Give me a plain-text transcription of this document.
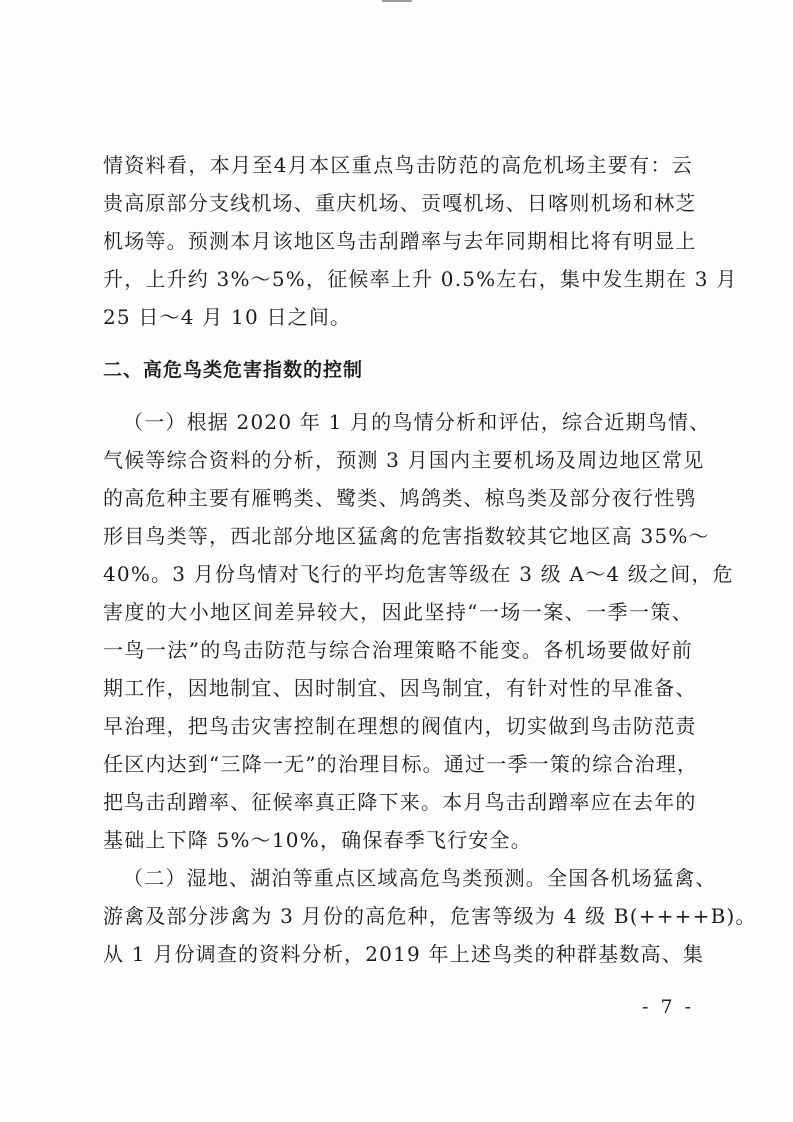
情资料看，本月至4月本区重点鸟击防范的高危机场主要有：云
贵高原部分支线机场、重庆机场、贡嘎机场、日喀则机场和林芝
机场等。预测本月该地区鸟击刮蹭率与去年同期相比将有明显上
升，上升约 3%～5%，征候率上升 0.5%左右，集中发生期在 3 月
25 日～4 月 10 日之间。
二、高危鸟类危害指数的控制
（一）根据 2020 年 1 月的鸟情分析和评估，综合近期鸟情、
气候等综合资料的分析，预测 3 月国内主要机场及周边地区常见
的高危种主要有雁鸭类、鹭类、鸠鸽类、椋鸟类及部分夜行性鸮
形目鸟类等，西北部分地区猛禽的危害指数较其它地区高 35%～
40%。3 月份鸟情对飞行的平均危害等级在 3 级 A～4 级之间，危
害度的大小地区间差异较大，因此坚持“一场一案、一季一策、
一鸟一法”的鸟击防范与综合治理策略不能变。各机场要做好前
期工作，因地制宜、因时制宜、因鸟制宜，有针对性的早准备、
早治理，把鸟击灾害控制在理想的阀值内，切实做到鸟击防范责
任区内达到“三降一无”的治理目标。通过一季一策的综合治理，
把鸟击刮蹭率、征候率真正降下来。本月鸟击刮蹭率应在去年的
基础上下降 5%～10%，确保春季飞行安全。
（二）湿地、湖泊等重点区域高危鸟类预测。全国各机场猛禽、
游禽及部分涉禽为 3 月份的高危种，危害等级为 4 级 B(++++B)。
从 1 月份调查的资料分析，2019 年上述鸟类的种群基数高、集
- 7 -
